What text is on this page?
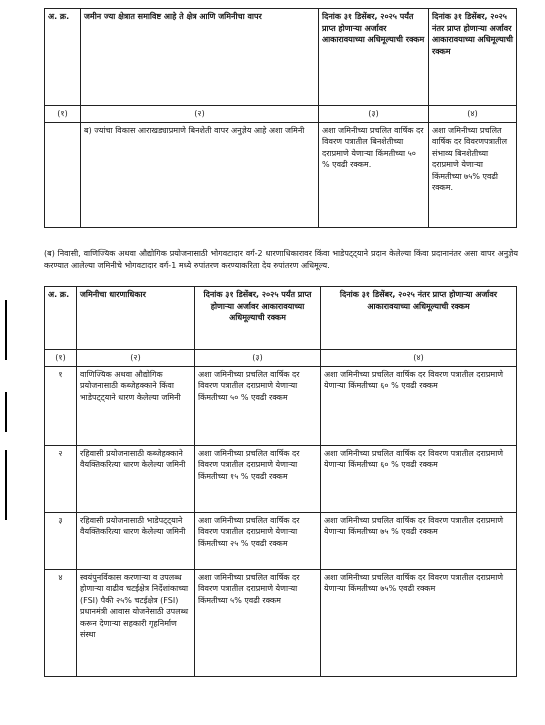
अ. क्र.	जमीन ज्या क्षेत्रात समाविष्ट आहे ते क्षेत्र आणि जमिनीचा वापर	दिनांक ३१ डिसेंबर, २०२५ पर्यंत प्राप्त होणाऱ्या अर्जावर आकारावयाच्या अधिमूल्याची रक्कम	दिनांक ३१ डिसेंबर, २०२५ नंतर प्राप्त होणाऱ्या अर्जावर आकारावयाच्या अधिमूल्याची रक्कम
(१)	(२)	(३)	(४)
	ब) ज्यांचा विकास आराखड्याप्रमाणे बिनशेती वापर अनुज्ञेय आहे अशा जमिनी	अशा जमिनीच्या प्रचलित वार्षिक दर विवरण पत्रातील बिनशेतीच्या दराप्रमाणे येणाऱ्या किंमतीच्या ५० % एवढी रक्कम.	अशा जमिनीच्या प्रचलित वार्षिक दर विवरणपत्रातील संभाव्य बिनशेतीच्या दराप्रमाणे येणाऱ्या किंमतीच्या ७५% एवढी रक्कम.
(ब) निवासी, वाणिज्यिक अथवा औद्योगिक प्रयोजनासाठी भोगवटादार वर्ग-2 धारणाधिकारावर किंवा भाडेपट्ट्याने प्रदान केलेल्या किंवा प्रदानानंतर असा वापर अनुज्ञेय करण्यात आलेल्या जमिनीचे भोगवटादार वर्ग-1 मध्ये रुपांतरण करण्याकरिता देय रुपांतरण अधिमूल्य.
अ. क्र.	जमिनीचा धारणाधिकार	दिनांक ३१ डिसेंबर, २०२५ पर्यंत प्राप्त होणाऱ्या अर्जावर आकारावयाच्या अधिमूल्याची रक्कम	दिनांक ३१ डिसेंबर, २०२५ नंतर प्राप्त होणाऱ्या अर्जावर आकारावयाच्या अधिमूल्याची रक्कम
(१)	(२)	(३)	(४)
१	वाणिज्यिक अथवा औद्योगिक प्रयोजनासाठी कब्जेहक्काने किंवा भाडेपट्ट्याने धारण केलेल्या जमिनी	अशा जमिनीच्या प्रचलित वार्षिक दर विवरण पत्रातील दराप्रमाणे येणाऱ्या किंमतीच्या ५० % एवढी रक्कम	अशा जमिनीच्या प्रचलित वार्षिक दर विवरण पत्रातील दराप्रमाणे येणाऱ्या किंमतीच्या ६० % एवढी रक्कम
२	रहिवासी प्रयोजनासाठी कब्जेहक्काने वैयक्तिकरित्या धारण केलेल्या जमिनी	अशा जमिनीच्या प्रचलित वार्षिक दर विवरण पत्रातील दराप्रमाणे येणाऱ्या किंमतीच्या १५ % एवढी रक्कम	अशा जमिनीच्या प्रचलित वार्षिक दर विवरण पत्रातील दराप्रमाणे येणाऱ्या किंमतीच्या ६० % एवढी रक्कम
३	रहिवासी प्रयोजनासाठी भाडेपट्ट्याने वैयक्तिकरित्या धारण केलेल्या जमिनी	अशा जमिनीच्या प्रचलित वार्षिक दर विवरण पत्रातील दराप्रमाणे येणाऱ्या किंमतीच्या २५ % एवढी रक्कम	अशा जमिनीच्या प्रचलित वार्षिक दर विवरण पत्रातील दराप्रमाणे येणाऱ्या किंमतीच्या ७५ % एवढी रक्कम
४	स्वयंपुनर्विकास करणाऱ्या व उपलब्ध होणाऱ्या वाढीव चटईक्षेत्र निर्देशांकाच्या (FSI) पैकी २५% चटईक्षेत्र (FSI) प्रधानमंत्री आवास योजनेसाठी उपलब्ध करून देणाऱ्या सहकारी गृहनिर्माण संस्था	अशा जमिनीच्या प्रचलित वार्षिक दर विवरण पत्रातील दराप्रमाणे येणाऱ्या किंमतीच्या ५% एवढी रक्कम	अशा जमिनीच्या प्रचलित वार्षिक दर विवरण पत्रातील दराप्रमाणे येणाऱ्या किंमतीच्या ७५% एवढी रक्कम
